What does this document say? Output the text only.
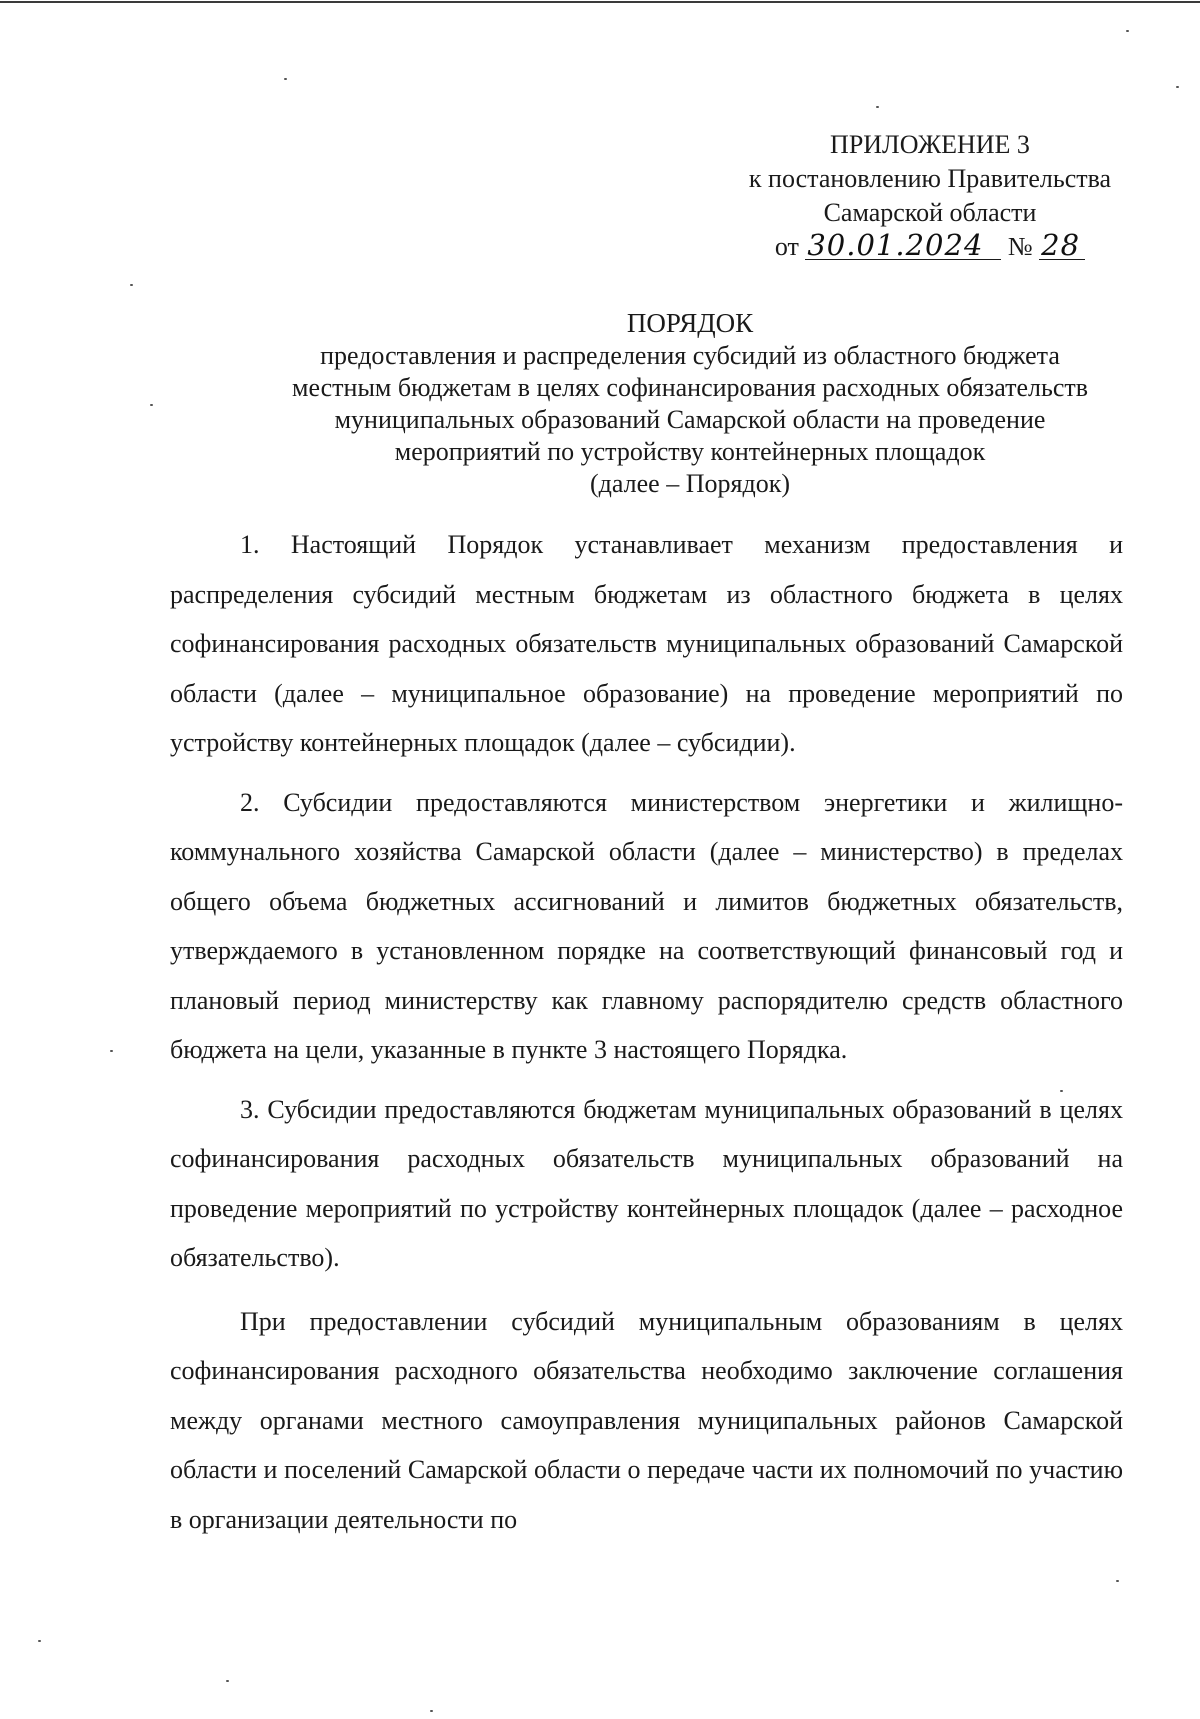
ПРИЛОЖЕНИЕ 3
к постановлению Правительства
Самарской области
от 30.01.2024 № 28
ПОРЯДОК
предоставления и распределения субсидий из областного бюджета
местным бюджетам в целях софинансирования расходных обязательств
муниципальных образований Самарской области на проведение
мероприятий по устройству контейнерных площадок
(далее – Порядок)

1. Настоящий Порядок устанавливает механизм предоставления и распределения субсидий местным бюджетам из областного бюджета в целях софинансирования расходных обязательств муниципальных образований Самарской области (далее – муниципальное образование) на проведение мероприятий по устройству контейнерных площадок (далее – субсидии).

2. Субсидии предоставляются министерством энергетики и жилищно-коммунального хозяйства Самарской области (далее – министерство) в пределах общего объема бюджетных ассигнований и лимитов бюджетных обязательств, утверждаемого в установленном порядке на соответствующий финансовый год и плановый период министерству как главному распорядителю средств областного бюджета на цели, указанные в пункте 3 настоящего Порядка.

3. Субсидии предоставляются бюджетам муниципальных образований в целях софинансирования расходных обязательств муниципальных образований на проведение мероприятий по устройству контейнерных площадок (далее – расходное обязательство).

При предоставлении субсидий муниципальным образованиям в целях софинансирования расходного обязательства необходимо заключение соглашения между органами местного самоуправления муниципальных районов Самарской области и поселений Самарской области о передаче части их полномочий по участию в организации деятельности по
